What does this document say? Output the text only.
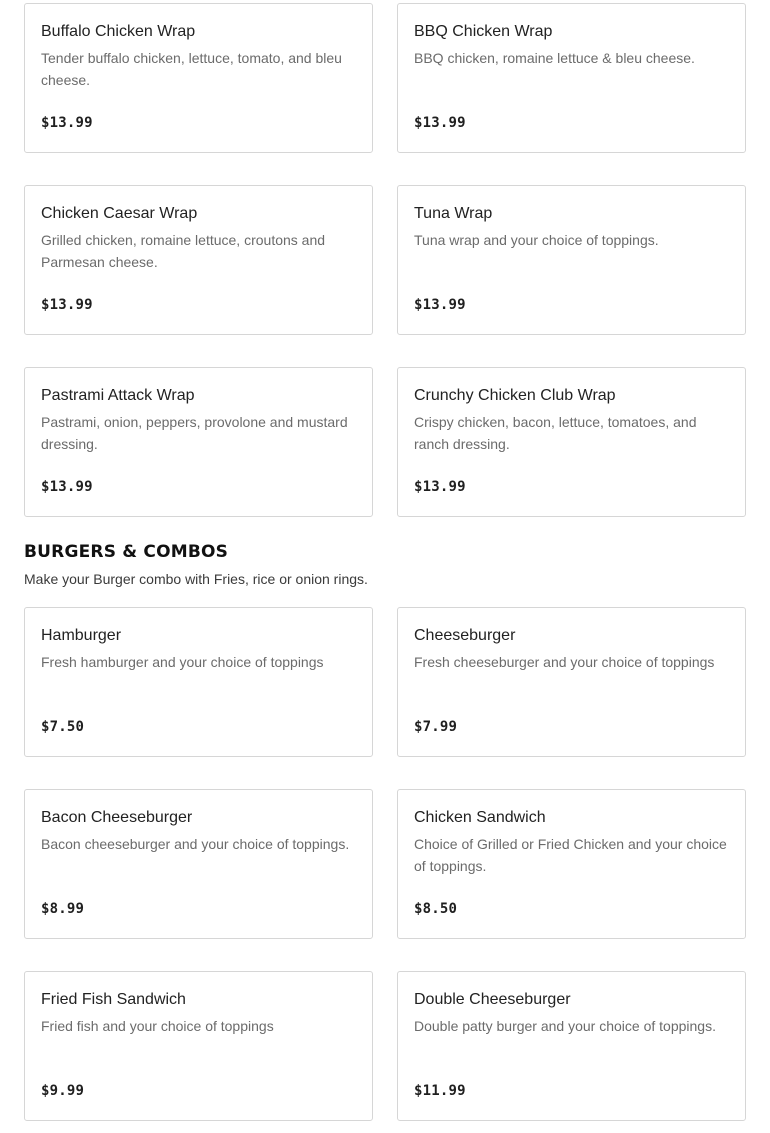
Buffalo Chicken Wrap
Tender buffalo chicken, lettuce, tomato, and bleu cheese.
$13.99
BBQ Chicken Wrap
BBQ chicken, romaine lettuce & bleu cheese.
$13.99
Chicken Caesar Wrap
Grilled chicken, romaine lettuce, croutons and Parmesan cheese.
$13.99
Tuna Wrap
Tuna wrap and your choice of toppings.
$13.99
Pastrami Attack Wrap
Pastrami, onion, peppers, provolone and mustard dressing.
$13.99
Crunchy Chicken Club Wrap
Crispy chicken, bacon, lettuce, tomatoes, and ranch dressing.
$13.99
BURGERS & COMBOS
Make your Burger combo with Fries, rice or onion rings.
Hamburger
Fresh hamburger and your choice of toppings
$7.50
Cheeseburger
Fresh cheeseburger and your choice of toppings
$7.99
Bacon Cheeseburger
Bacon cheeseburger and your choice of toppings.
$8.99
Chicken Sandwich
Choice of Grilled or Fried Chicken and your choice of toppings.
$8.50
Fried Fish Sandwich
Fried fish and your choice of toppings
$9.99
Double Cheeseburger
Double patty burger and your choice of toppings.
$11.99
